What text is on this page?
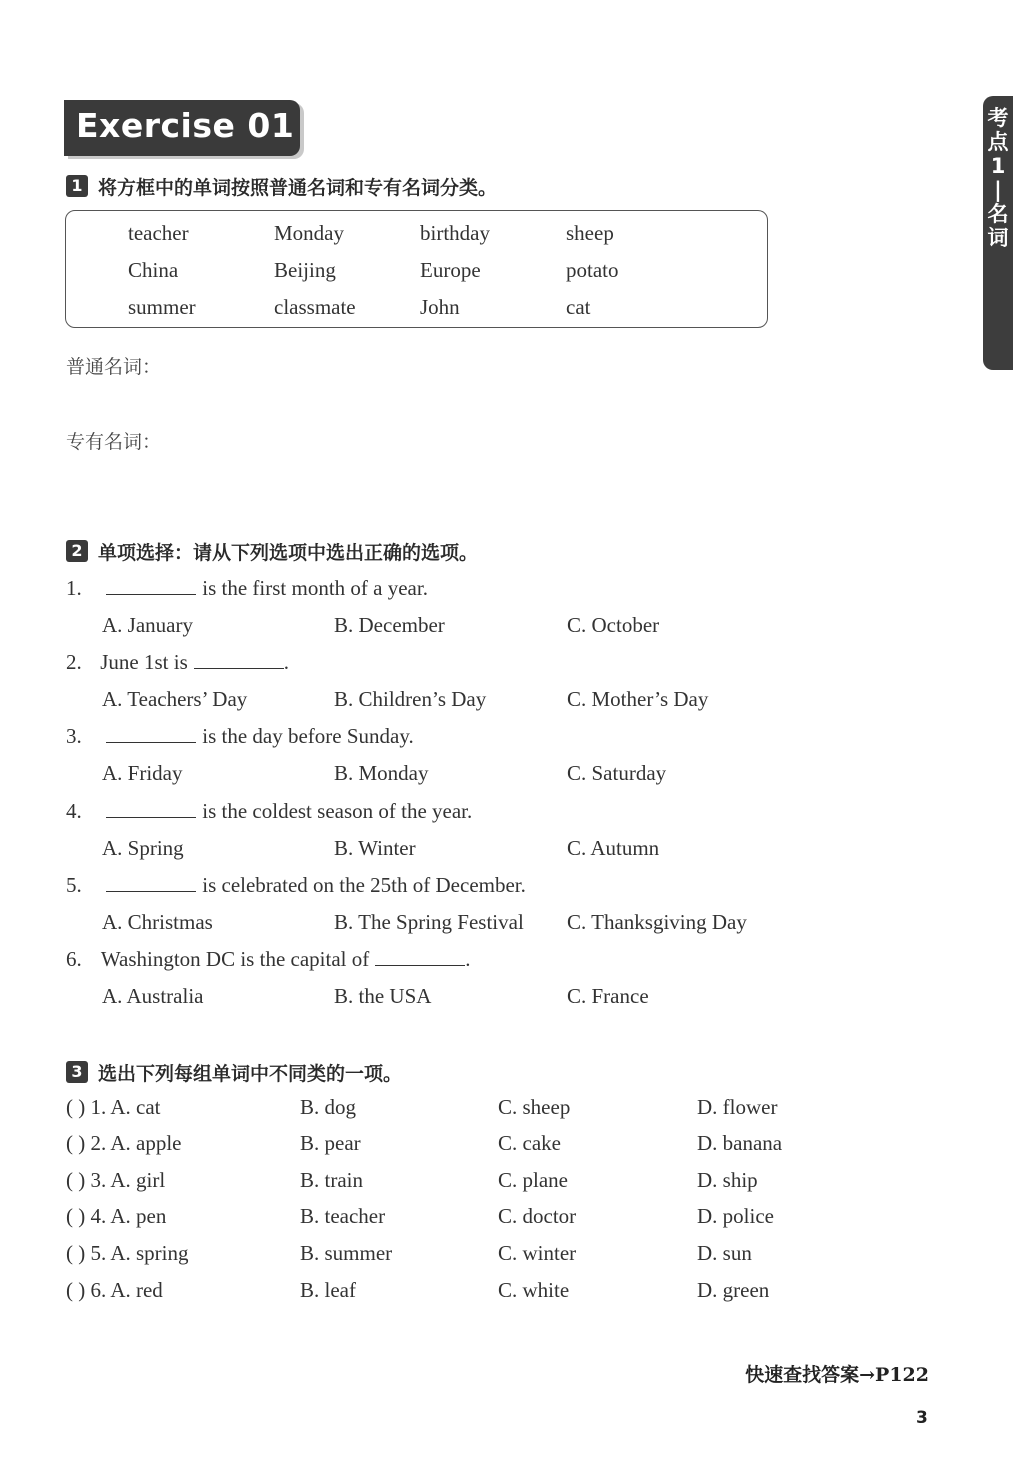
Exercise 01	考
点
1
|
名
词
1 将方框中的单词按照普通名词和专有名词分类。
teacher	Monday	birthday	sheep
China	Beijing	Europe	potato
summer	classmate	John	cat
普通名词：
专有名词：
2 单项选择：请从下列选项中选出正确的选项。
1.	is the first month of a year.
A. January	B. December	C. October
2. June 1st is	.
A. Teachers’ Day	B. Children’s Day	C. Mother’s Day
3.	is the day before Sunday.
A. Friday	B. Monday	C. Saturday
4.	is the coldest season of the year.
A. Spring	B. Winter	C. Autumn
5.	is celebrated on the 25th of December.
A. Christmas	B. The Spring Festival C. Thanksgiving Day
6. Washington DC is the capital of	.
A. Australia	B. the USA	C. France
3 选出下列每组单词中不同类的一项。
( ) 1. A. cat	B. dog	C. sheep	D. flower
( ) 2. A. apple	B. pear	C. cake	D. banana
( ) 3. A. girl	B. train	C. plane	D. ship
( ) 4. A. pen	B. teacher	C. doctor	D. police
( ) 5. A. spring	B. summer	C. winter	D. sun
( ) 6. A. red	B. leaf	C. white	D. green
快速查找答案→P122
3
